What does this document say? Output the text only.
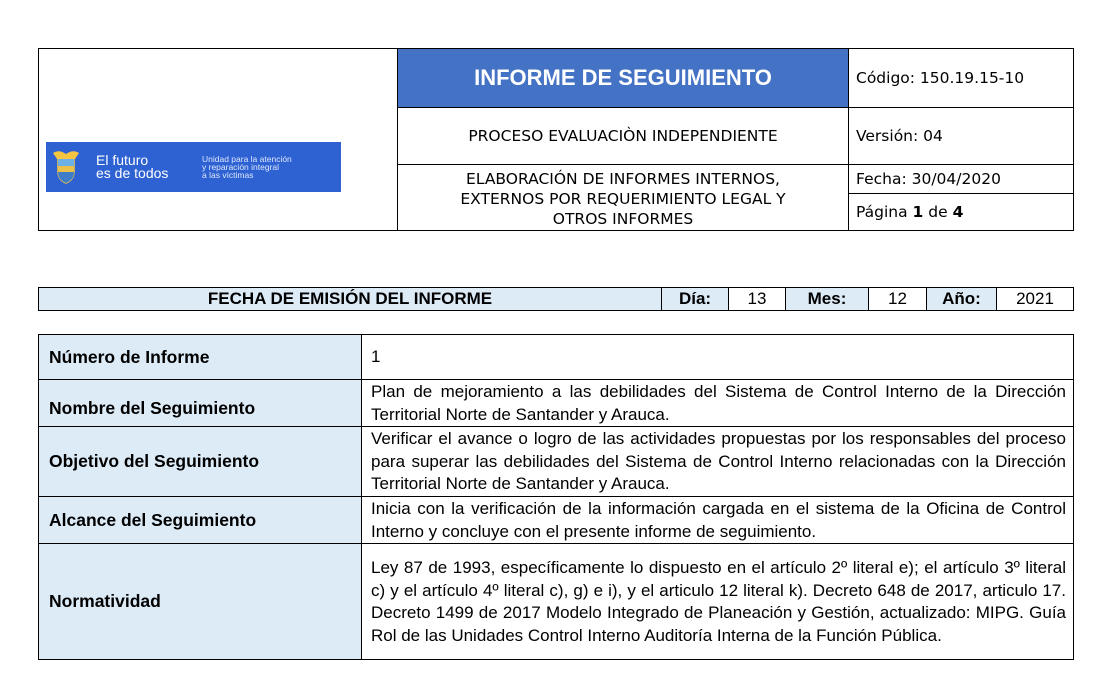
El futuro
es de todos
Unidad para la atención
y reparación integral
a las víctimas	INFORME DE SEGUIMIENTO	Código: 150.19.15-10
	PROCESO EVALUACIÒN INDEPENDIENTE	Versión: 04

	ELABORACIÓN DE INFORMES INTERNOS,
EXTERNOS POR REQUERIMIENTO LEGAL Y
OTROS INFORMES	Fecha: 30/04/2020
		Página 1 de 4
FECHA DE EMISIÓN DEL INFORME	Día:	13	Mes:	12	Año:	2021
Número de Informe	1
Nombre del Seguimiento	Plan de mejoramiento a las debilidades del Sistema de Control Interno de la Dirección Territorial Norte de Santander y Arauca.
Objetivo del Seguimiento	Verificar el avance o logro de las actividades propuestas por los responsables del proceso para superar las debilidades del Sistema de Control Interno relacionadas con la Dirección Territorial Norte de Santander y Arauca.
Alcance del Seguimiento	Inicia con la verificación de la información cargada en el sistema de la Oficina de Control Interno y concluye con el presente informe de seguimiento.
Normatividad	Ley 87 de 1993, específicamente lo dispuesto en el artículo 2º literal e); el artículo 3º literal c) y el artículo 4º literal c), g) e i), y el articulo 12 literal k). Decreto 648 de 2017, articulo 17. Decreto 1499 de 2017 Modelo Integrado de Planeación y Gestión, actualizado: MIPG. Guía Rol de las Unidades Control Interno Auditoría Interna de la Función Pública.
